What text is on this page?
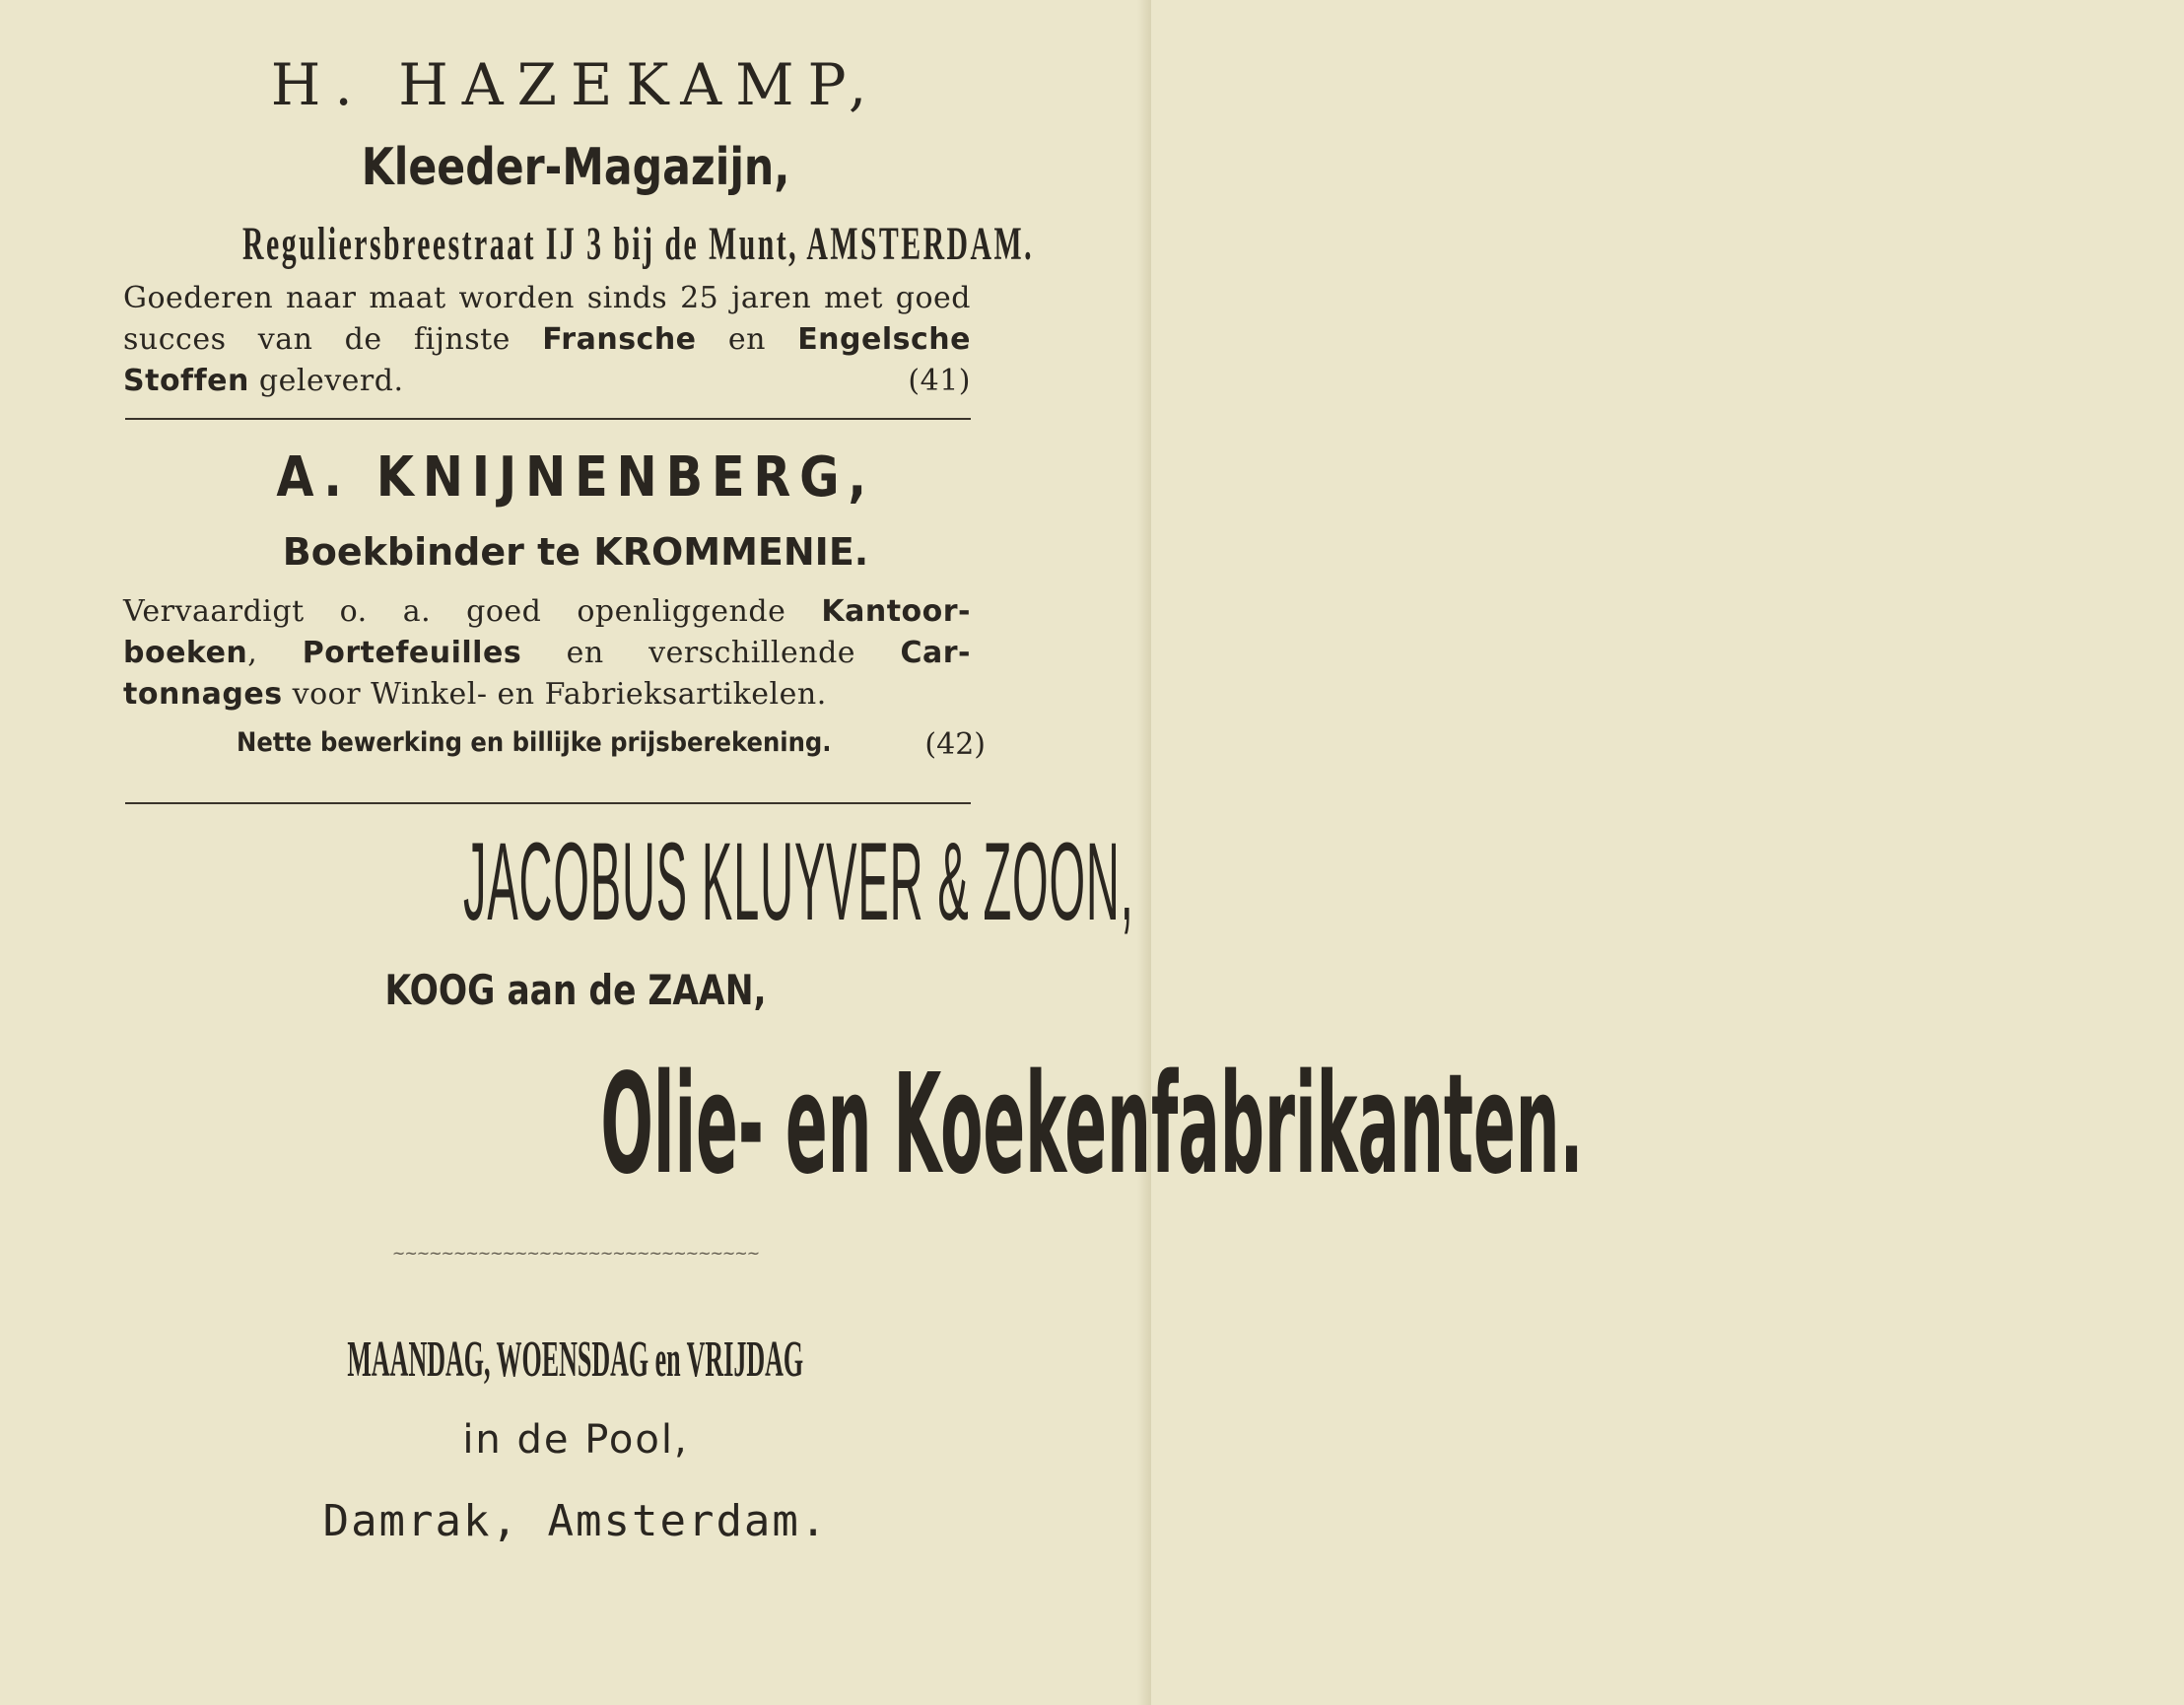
H. HAZEKAMP,
Kleeder-Magazijn,
Reguliersbreestraat IJ 3 bij de Munt, AMSTERDAM.
Goederen naar maat worden sinds 25 jaren met goed succes van de fijnste Fransche en Engelsche Stoffen geleverd.	(41)
A. KNIJNENBERG,
Boekbinder te KROMMENIE.
Vervaardigt o. a. goed openliggende Kantoor-boeken, Portefeuilles en verschillende Car-tonnages voor Winkel- en Fabrieksartikelen.
Nette bewerking en billijke prijsberekening.	(42)
JACOBUS KLUYVER & ZOON,
KOOG aan de ZAAN,
Olie- en Koekenfabrikanten.
~~~~~~~~~~~~~~~~~~~~~~~~~~~~~~
MAANDAG, WOENSDAG en VRIJDAG
in de Pool,
Damrak, Amsterdam.
